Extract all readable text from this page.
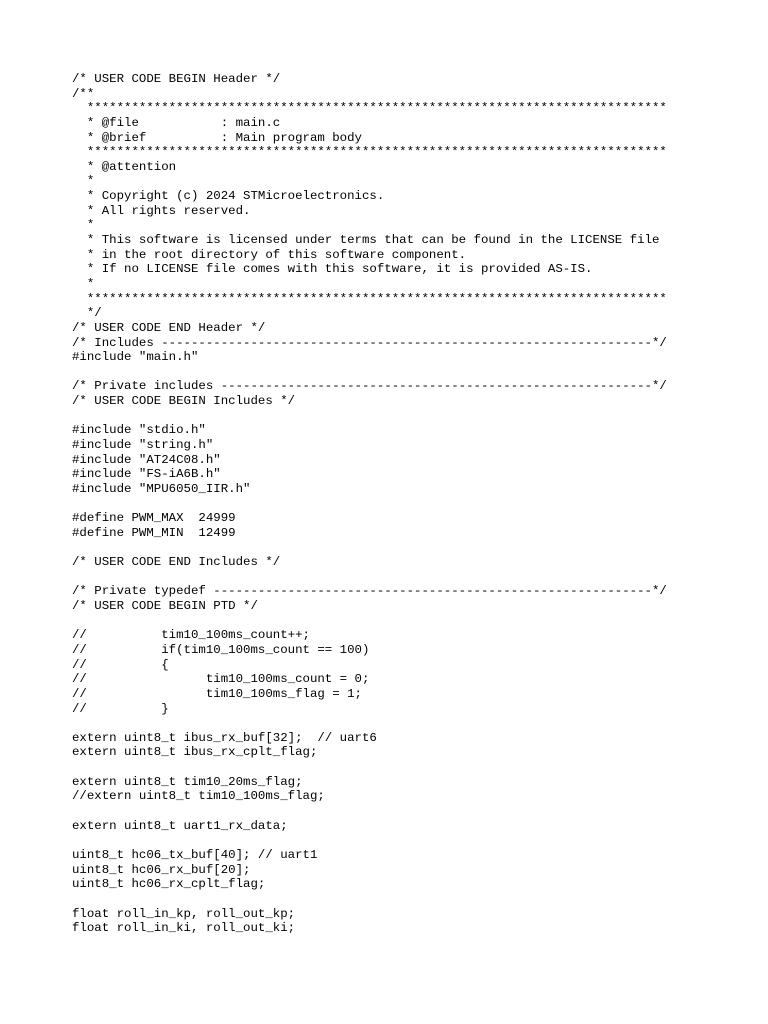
/* USER CODE BEGIN Header */
/**
******************************************************************************
* @file           : main.c
* @brief          : Main program body
******************************************************************************
* @attention
*
* Copyright (c) 2024 STMicroelectronics.
* All rights reserved.
*
* This software is licensed under terms that can be found in the LICENSE file
* in the root directory of this software component.
* If no LICENSE file comes with this software, it is provided AS-IS.
*
******************************************************************************
*/
/* USER CODE END Header */
/* Includes ------------------------------------------------------------------*/
#include "main.h"
/* Private includes ----------------------------------------------------------*/
/* USER CODE BEGIN Includes */
#include "stdio.h"
#include "string.h"
#include "AT24C08.h"
#include "FS-iA6B.h"
#include "MPU6050_IIR.h"
#define PWM_MAX  24999
#define PWM_MIN  12499
/* USER CODE END Includes */
/* Private typedef -----------------------------------------------------------*/
/* USER CODE BEGIN PTD */
//          tim10_100ms_count++;
//          if(tim10_100ms_count == 100)
//          {
//                tim10_100ms_count = 0;
//                tim10_100ms_flag = 1;
//          }
extern uint8_t ibus_rx_buf[32];  // uart6
extern uint8_t ibus_rx_cplt_flag;
extern uint8_t tim10_20ms_flag;
//extern uint8_t tim10_100ms_flag;
extern uint8_t uart1_rx_data;
uint8_t hc06_tx_buf[40]; // uart1
uint8_t hc06_rx_buf[20];
uint8_t hc06_rx_cplt_flag;
float roll_in_kp, roll_out_kp;
float roll_in_ki, roll_out_ki;
